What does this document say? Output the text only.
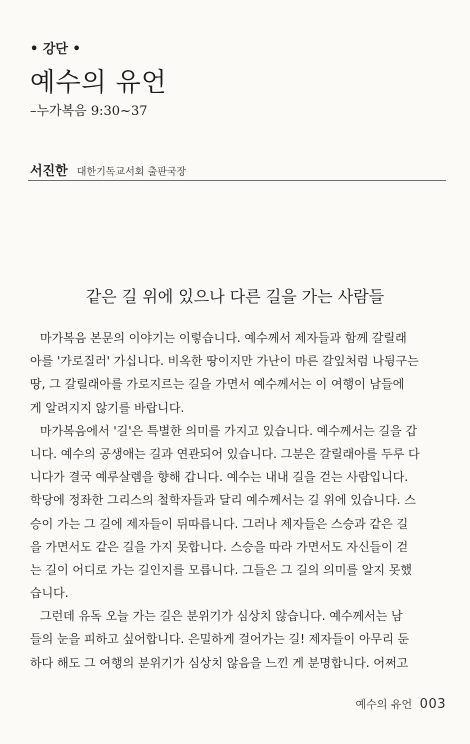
• 강단 •
예수의 유언
–누가복음 9:30~37
서진한 대한기독교서회 출판국장
같은 길 위에 있으나 다른 길을 가는 사람들
마가복음 본문의 이야기는 이렇습니다. 예수께서 제자들과 함께 갈릴래
아를 '가로질러' 가십니다. 비옥한 땅이지만 가난이 마른 갈잎처럼 나뒹구는
땅, 그 갈릴래아를 가로지르는 길을 가면서 예수께서는 이 여행이 남들에
게 알려지지 않기를 바랍니다.
마가복음에서 '길'은 특별한 의미를 가지고 있습니다. 예수께서는 길을 갑
니다. 예수의 공생애는 길과 연관되어 있습니다. 그분은 갈릴래아를 두루 다
니다가 결국 예루살렘을 향해 갑니다. 예수는 내내 길을 걷는 사람입니다.
학당에 정좌한 그리스의 철학자들과 달리 예수께서는 길 위에 있습니다. 스
승이 가는 그 길에 제자들이 뒤따릅니다. 그러나 제자들은 스승과 같은 길
을 가면서도 같은 길을 가지 못합니다. 스승을 따라 가면서도 자신들이 걷
는 길이 어디로 가는 길인지를 모릅니다. 그들은 그 길의 의미를 알지 못했
습니다.
그런데 유독 오늘 가는 길은 분위기가 심상치 않습니다. 예수께서는 남
들의 눈을 피하고 싶어합니다. 은밀하게 걸어가는 길! 제자들이 아무리 둔
하다 해도 그 여행의 분위기가 심상치 않음을 느낀 게 분명합니다. 어쩌고
예수의 유언 003
